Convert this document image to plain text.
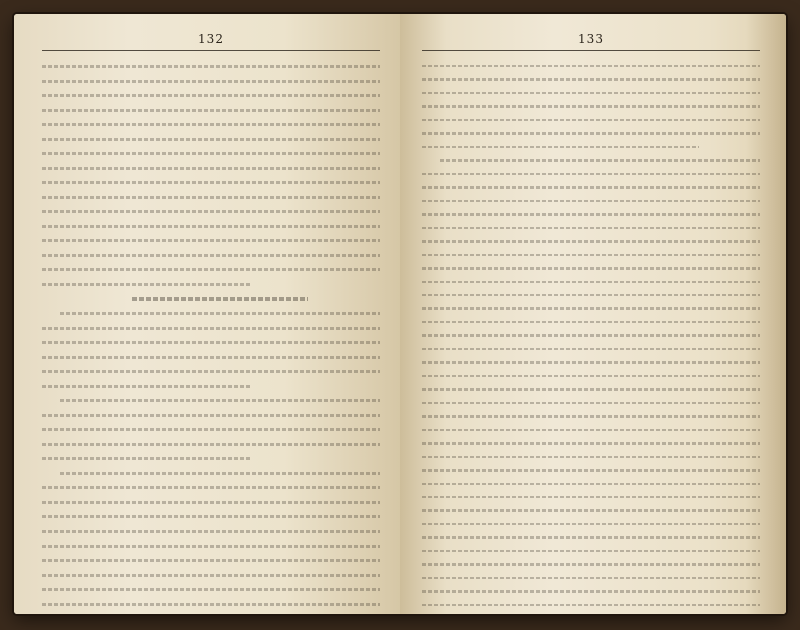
132	133
